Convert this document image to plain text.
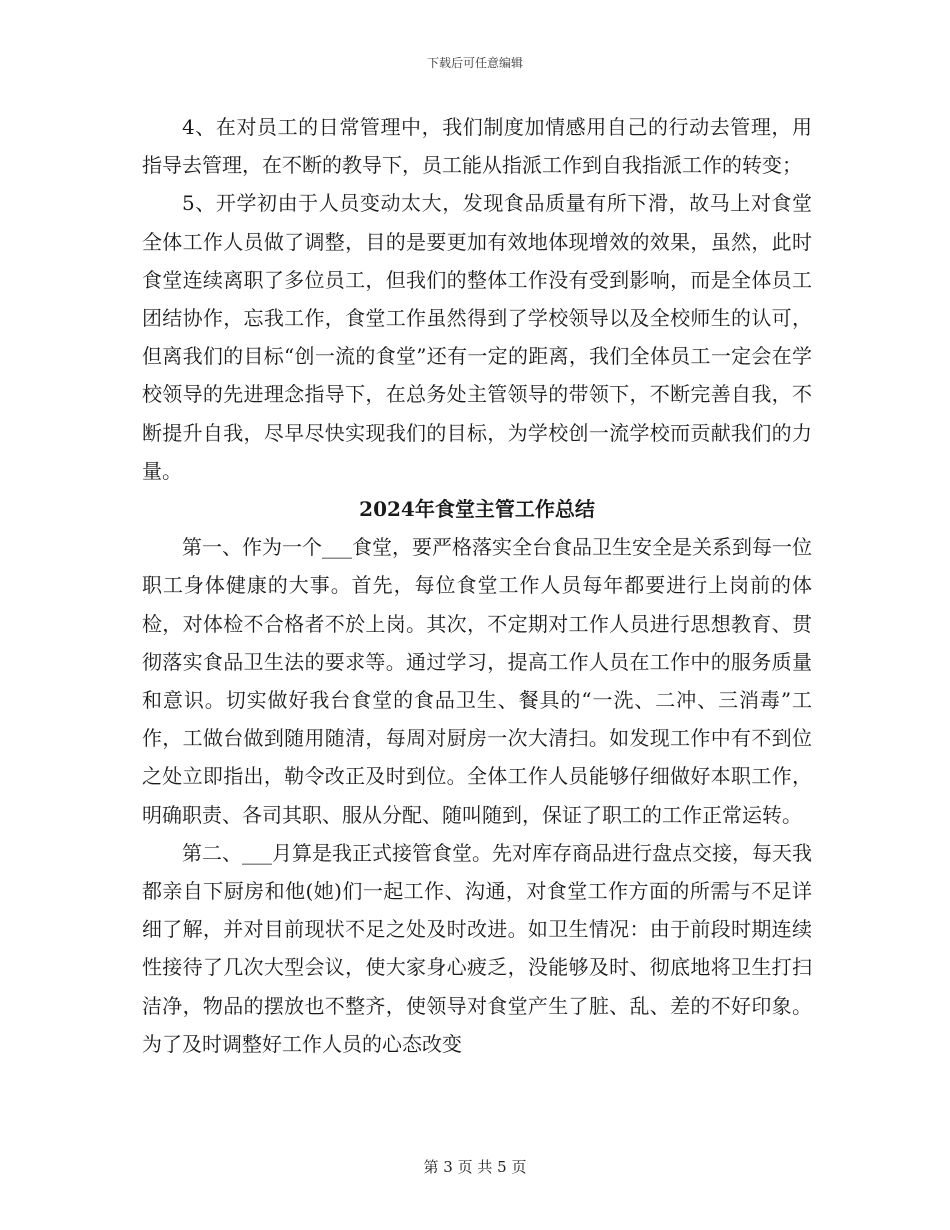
下载后可任意编辑

4、在对员工的日常管理中，我们制度加情感用自己的行动去管理，用指导去管理，在不断的教导下，员工能从指派工作到自我指派工作的转变；

5、开学初由于人员变动太大，发现食品质量有所下滑，故马上对食堂全体工作人员做了调整，目的是要更加有效地体现增效的效果，虽然，此时食堂连续离职了多位员工，但我们的整体工作没有受到影响，而是全体员工团结协作，忘我工作，食堂工作虽然得到了学校领导以及全校师生的认可，但离我们的目标“创一流的食堂”还有一定的距离，我们全体员工一定会在学校领导的先进理念指导下，在总务处主管领导的带领下，不断完善自我，不断提升自我，尽早尽快实现我们的目标，为学校创一流学校而贡献我们的力量。

2024年食堂主管工作总结

第一、作为一个___食堂，要严格落实全台食品卫生安全是关系到每一位职工身体健康的大事。首先，每位食堂工作人员每年都要进行上岗前的体检，对体检不合格者不於上岗。其次，不定期对工作人员进行思想教育、贯彻落实食品卫生法的要求等。通过学习，提高工作人员在工作中的服务质量和意识。切实做好我台食堂的食品卫生、餐具的“一洗、二冲、三消毒”工作，工做台做到随用随清，每周对厨房一次大清扫。如发现工作中有不到位之处立即指出，勒令改正及时到位。全体工作人员能够仔细做好本职工作，明确职责、各司其职、服从分配、随叫随到，保证了职工的工作正常运转。

第二、___月算是我正式接管食堂。先对库存商品进行盘点交接，每天我都亲自下厨房和他(她)们一起工作、沟通，对食堂工作方面的所需与不足详细了解，并对目前现状不足之处及时改进。如卫生情况：由于前段时期连续性接待了几次大型会议，使大家身心疲乏，没能够及时、彻底地将卫生打扫洁净，物品的摆放也不整齐，使领导对食堂产生了脏、乱、差的不好印象。为了及时调整好工作人员的心态改变

第 3 页 共 5 页
